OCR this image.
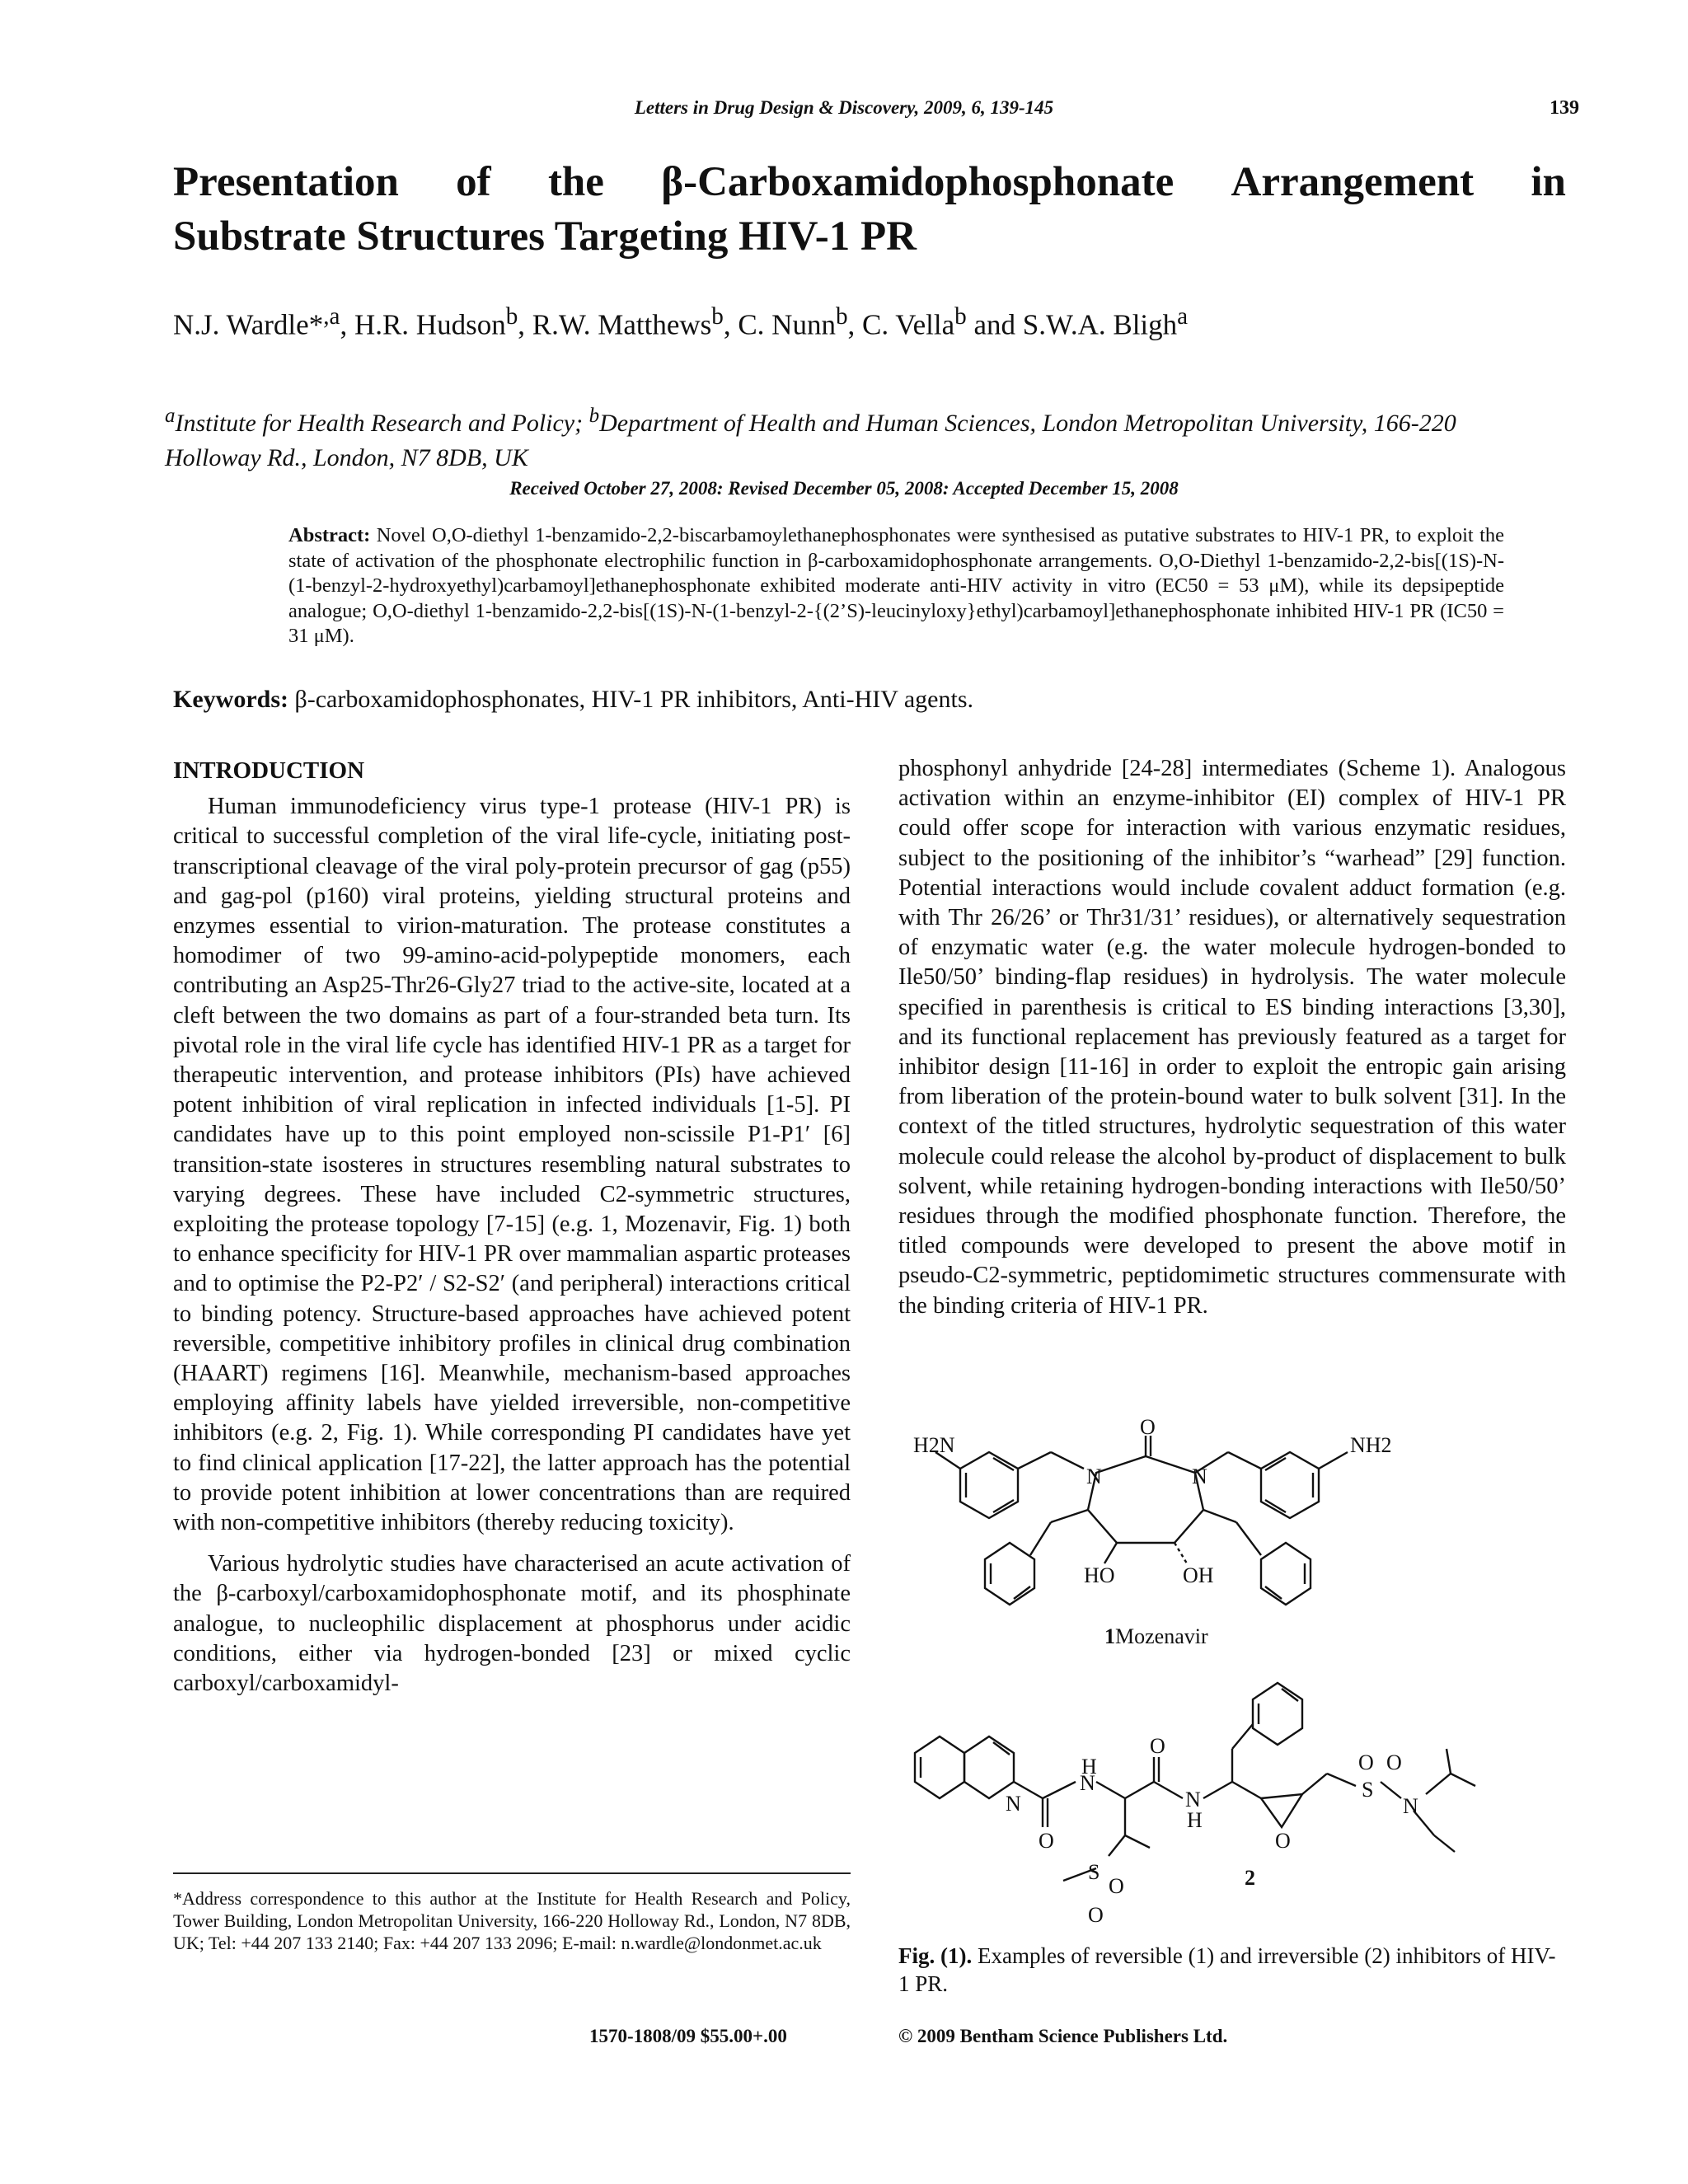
Letters in Drug Design & Discovery, 2009, 6, 139-145	139
Presentation of the β-Carboxamidophosphonate Arrangement in
Substrate Structures Targeting HIV-1 PR
N.J. Wardle*$^{,a}$, H.R. Hudson$^b$, R.W. Matthews$^b$, C. Nunn$^b$, C. Vella$^b$ and S.W.A. Bligh$^a$
$^a$Institute for Health Research and Policy; $^b$Department of Health and Human Sciences, London Metropolitan University, 166-220 Holloway Rd., London, N7 8DB, UK
Received October 27, 2008: Revised December 05, 2008: Accepted December 15, 2008
Abstract: Novel O,O-diethyl 1-benzamido-2,2-biscarbamoylethanephosphonates were synthesised as putative substrates to HIV-1 PR, to exploit the state of activation of the phosphonate electrophilic function in β-carboxamidophosphonate arrangements. O,O-Diethyl 1-benzamido-2,2-bis[(1S)-N-(1-benzyl-2-hydroxyethyl)carbamoyl]ethanephosphonate exhibited moderate anti-HIV activity in vitro (EC50 = 53 μM), while its depsipeptide analogue; O,O-diethyl 1-benzamido-2,2-bis[(1S)-N-(1-benzyl-2-{(2’S)-leucinyloxy}ethyl)carbamoyl]ethanephosphonate inhibited HIV-1 PR (IC50 = 31 μM).
Keywords: β-carboxamidophosphonates, HIV-1 PR inhibitors, Anti-HIV agents.
INTRODUCTION

Human immunodeficiency virus type-1 protease (HIV-1 PR) is critical to successful completion of the viral life-cycle, initiating post-transcriptional cleavage of the viral poly-protein precursor of gag (p55) and gag-pol (p160) viral proteins, yielding structural proteins and enzymes essential to virion-maturation. The protease constitutes a homodimer of two 99-amino-acid-polypeptide monomers, each contributing an Asp25-Thr26-Gly27 triad to the active-site, located at a cleft between the two domains as part of a four-stranded beta turn. Its pivotal role in the viral life cycle has identified HIV-1 PR as a target for therapeutic intervention, and protease inhibitors (PIs) have achieved potent inhibition of viral replication in infected individuals [1-5]. PI candidates have up to this point employed non-scissile P1-P1′ [6] transition-state isosteres in structures resembling natural substrates to varying degrees. These have included C2-symmetric structures, exploiting the protease topology [7-15] (e.g. 1, Mozenavir, Fig. 1) both to enhance specificity for HIV-1 PR over mammalian aspartic proteases and to optimise the P2-P2′ / S2-S2′ (and peripheral) interactions critical to binding potency. Structure-based approaches have achieved potent reversible, competitive inhibitory profiles in clinical drug combination (HAART) regimens [16]. Meanwhile, mechanism-based approaches employing affinity labels have yielded irreversible, non-competitive inhibitors (e.g. 2, Fig. 1). While corresponding PI candidates have yet to find clinical application [17-22], the latter approach has the potential to provide potent inhibition at lower concentrations than are required with non-competitive inhibitors (thereby reducing toxicity).

Various hydrolytic studies have characterised an acute activation of the β-carboxyl/carboxamidophosphonate motif, and its phosphinate analogue, to nucleophilic displacement at phosphorus under acidic conditions, either via hydrogen-bonded [23] or mixed cyclic carboxyl/carboxamidyl-

phosphonyl anhydride [24-28] intermediates (Scheme 1). Analogous activation within an enzyme-inhibitor (EI) complex of HIV-1 PR could offer scope for interaction with various enzymatic residues, subject to the positioning of the inhibitor’s “warhead” [29] function. Potential interactions would include covalent adduct formation (e.g. with Thr 26/26’ or Thr31/31’ residues), or alternatively sequestration of enzymatic water (e.g. the water molecule hydrogen-bonded to Ile50/50’ binding-flap residues) in hydrolysis. The water molecule specified in parenthesis is critical to ES binding interactions [3,30], and its functional replacement has previously featured as a target for inhibitor design [11-16] in order to exploit the entropic gain arising from liberation of the protein-bound water to bulk solvent [31]. In the context of the titled structures, hydrolytic sequestration of this water molecule could release the alcohol by-product of displacement to bulk solvent, while retaining hydrogen-bonding interactions with Ile50/50’ residues through the modified phosphonate function. Therefore, the titled compounds were developed to present the above motif in pseudo-C2-symmetric, peptidomimetic structures commensurate with the binding criteria of HIV-1 PR.

*Address correspondence to this author at the Institute for Health Research and Policy, Tower Building, London Metropolitan University, 166-220 Holloway Rd., London, N7 8DB, UK; Tel: +44 207 133 2140; Fax: +44 207 133 2096; E-mail: n.wardle@londonmet.ac.uk
H2N
O
NH2
N	N
HO	OH
1 Mozenavir
N
O
H
N
O
N
H
O
O O
S
N
S
O
O
2
Fig. (1). Examples of reversible (1) and irreversible (2) inhibitors of HIV-1 PR.
1570-1808/09 $55.00+.00	© 2009 Bentham Science Publishers Ltd.
